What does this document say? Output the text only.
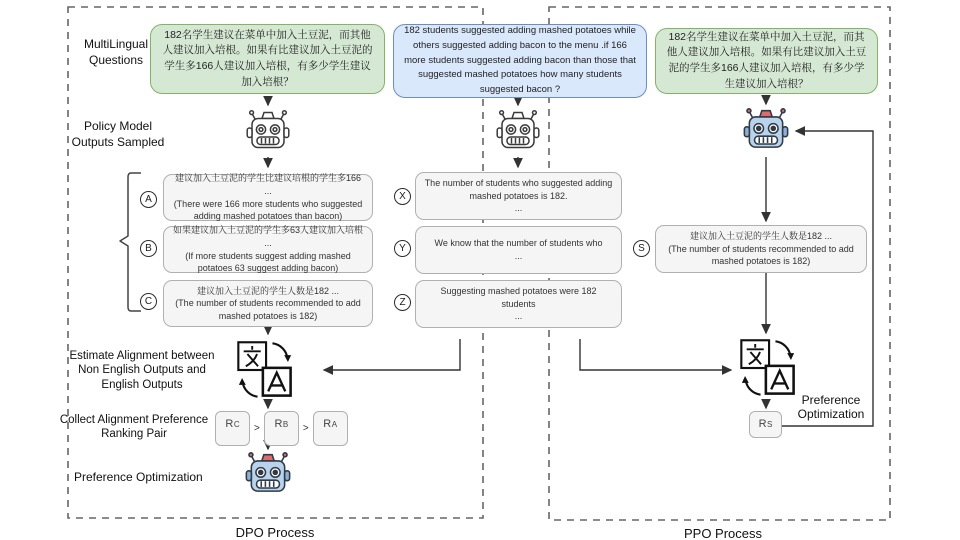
MultiLingual Questions
Policy Model Outputs Sampled
Estimate Alignment between Non English Outputs and English Outputs
Collect Alignment Preference Ranking Pair
Preference Optimization
Preference Optimization
DPO Process	PPO Process
182名学生建议在菜单中加入土豆泥，而其他人建议加入培根。如果有比建议加入土豆泥的学生多166人建议加入培根，有多少学生建议加入培根？
182 students suggested adding mashed potatoes while others suggested adding bacon to the menu .if 166 more students suggested adding bacon than those that suggested mashed potatoes how many students suggested bacon ?
182名学生建议在菜单中加入土豆泥，而其他人建议加入培根。如果有比建议加入土豆泥的学生多166人建议加入培根，有多少学生建议加入培根？
A
建议加入土豆泥的学生比建议培根的学生多166 ...
(There were 166 more students who suggested adding mashed potatoes than bacon)
B
如果建议加入土豆泥的学生多63人建议加入培根 ...
(If more students suggest adding mashed potatoes 63 suggest adding bacon)
C
建议加入土豆泥的学生人数是182 ...
(The number of students recommended to add mashed potatoes is 182)
X
The number of students who suggested adding mashed potatoes is 182.
...
Y	We know that the number of students who
...
Z
Suggesting mashed potatoes were 182 students
...
S
建议加入土豆泥的学生人数是182 ...
(The number of students recommended to add mashed potatoes is 182)
R C > R B > R A	R S
